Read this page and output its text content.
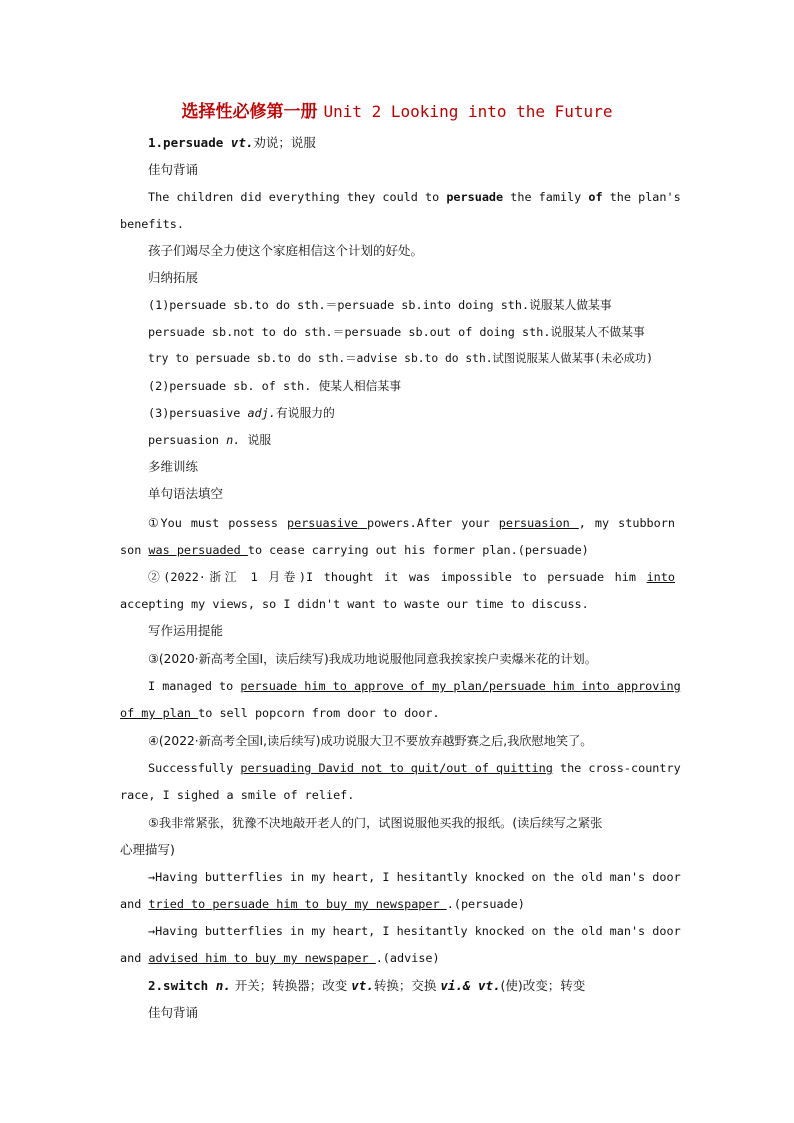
选择性必修第一册 Unit 2 Looking into the Future
1.persuade vt.劝说；说服
佳句背诵
The children did everything they could to persuade the family of the plan's
benefits.
孩子们竭尽全力使这个家庭相信这个计划的好处。
归纳拓展
(1)persuade sb.to do sth.＝persuade sb.into doing sth.说服某人做某事
persuade sb.not to do sth.＝persuade sb.out of doing sth.说服某人不做某事
try to persuade sb.to do sth.＝advise sb.to do sth.试图说服某人做某事(未必成功)
(2)persuade sb. of sth. 使某人相信某事
(3)persuasive adj.有说服力的
persuasion n. 说服
多维训练
单句语法填空
①You must possess persuasive powers.After your persuasion , my stubborn
son was persuaded to cease carrying out his former plan.(persuade)
②(2022·浙江 1 月卷)I thought it was impossible to persuade him into
accepting my views, so I didn't want to waste our time to discuss.
写作运用提能
③(2020·新高考全国Ⅰ，读后续写)我成功地说服他同意我挨家挨户卖爆米花的计划。
I managed to persuade him to approve of my plan/persuade him into approving
of my plan to sell popcorn from door to door.
④(2022·新高考全国Ⅰ,读后续写)成功说服大卫不要放弃越野赛之后,我欣慰地笑了。
Successfully persuading David not to quit/out of quitting the cross-country
race, I sighed a smile of relief.
⑤我非常紧张，犹豫不决地敲开老人的门，试图说服他买我的报纸。(读后续写之紧张
心理描写)
→Having butterflies in my heart, I hesitantly knocked on the old man's door
and tried to persuade him to buy my newspaper .(persuade)
→Having butterflies in my heart, I hesitantly knocked on the old man's door
and advised him to buy my newspaper .(advise)
2.switch n. 开关；转换器；改变 vt.转换；交换 vi.& vt.(使)改变；转变
佳句背诵
